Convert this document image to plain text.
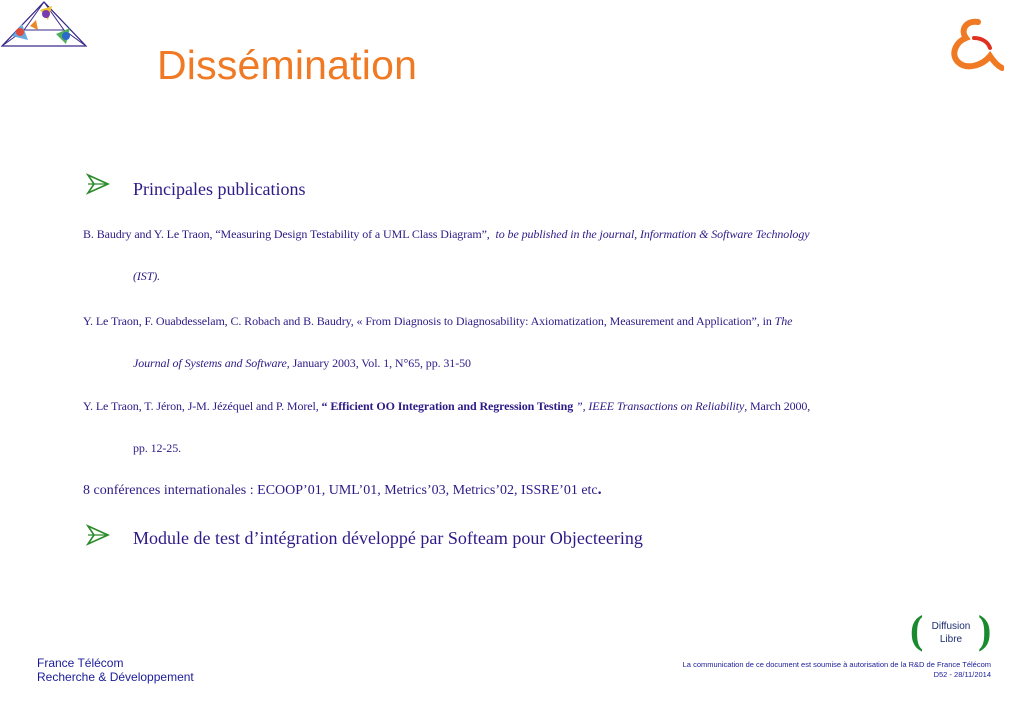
Dissémination
Principales publications
B. Baudry and Y. Le Traon, “Measuring Design Testability of a UML Class Diagram”, to be published in the journal, Information & Software Technology
(IST).
Y. Le Traon, F. Ouabdesselam, C. Robach and B. Baudry, « From Diagnosis to Diagnosability: Axiomatization, Measurement and Application”, in The
Journal of Systems and Software, January 2003, Vol. 1, N°65, pp. 31-50
Y. Le Traon, T. Jéron, J-M. Jézéquel and P. Morel, “ Efficient OO Integration and Regression Testing ”, IEEE Transactions on Reliability, March 2000,
pp. 12-25.
8 conférences internationales : ECOOP’01, UML’01, Metrics’03, Metrics’02, ISSRE’01 etc.
Module de test d’intégration développé par Softeam pour Objecteering
( Diffusion
Libre )
France Télécom
Recherche & Développement
La communication de ce document est soumise à autorisation de la R&D de France Télécom
D52 - 28/11/2014
